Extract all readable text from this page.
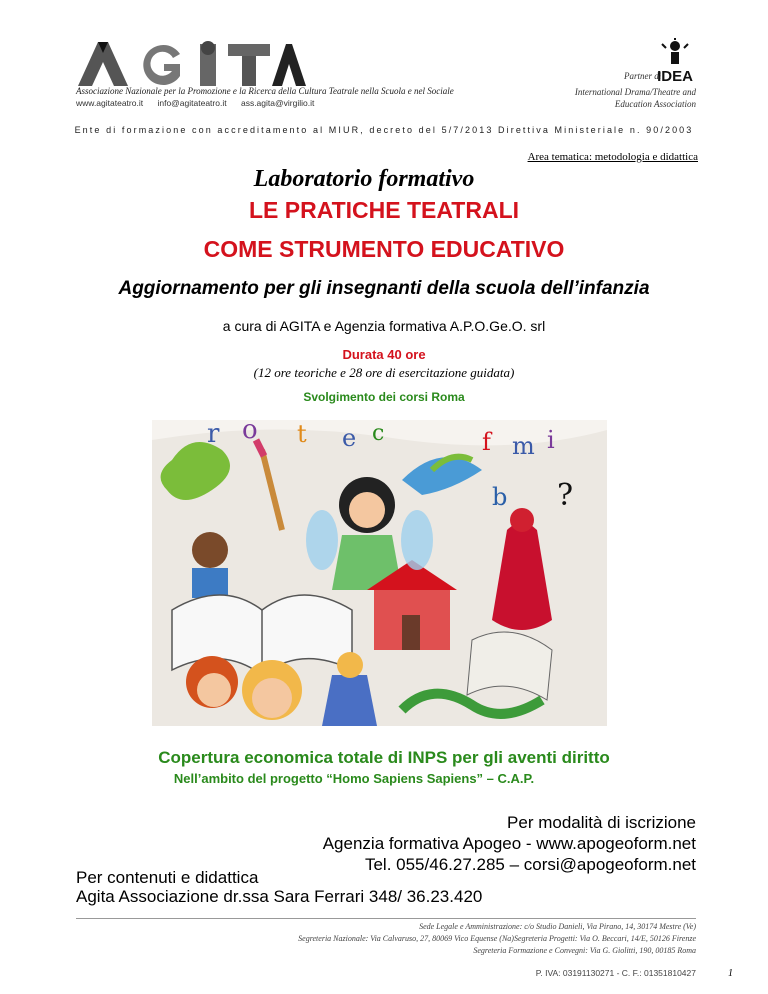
Associazione Nazionale per la Promozione e la Ricerca della Cultura Teatrale nella Scuola e nel Sociale
www.agitateatro.it info@agitateatro.it ass.agita@virgilio.it
Partner di
IDEA
International Drama/Theatre and
Education Association
Ente di formazione con accreditamento al MIUR, decreto del 5/7/2013 Direttiva Ministeriale n. 90/2003
Area tematica: metodologia e didattica
Laboratorio formativo
LE PRATICHE TEATRALI
COME STRUMENTO EDUCATIVO
Aggiornamento per gli insegnanti della scuola dell’infanzia
a cura di AGITA e Agenzia formativa A.P.O.Ge.O. srl
Durata 40 ore
(12 ore teoriche e 28 ore di esercitazione guidata)
Svolgimento dei corsi Roma
r o t e c	f m i
b ?
Copertura economica totale di INPS per gli aventi diritto
Nell’ambito del progetto “Homo Sapiens Sapiens” – C.A.P.
Per modalità di iscrizione
Agenzia formativa Apogeo - www.apogeoform.net
Tel. 055/46.27.285 – corsi@apogeoform.net
Per contenuti e didattica
Agita Associazione dr.ssa Sara Ferrari 348/ 36.23.420
Sede Legale e Amministrazione: c/o Studio Danieli, Via Pirano, 14, 30174 Mestre (Ve)
Segreteria Nazionale: Via Calvaruso, 27, 80069 Vico Equense (Na)Segreteria Progetti: Via O. Beccari, 14/E, 50126 Firenze
Segreteria Formazione e Convegni: Via G. Giolitti, 190, 00185 Roma
P. IVA: 03191130271 - C. F.: 01351810427	1
